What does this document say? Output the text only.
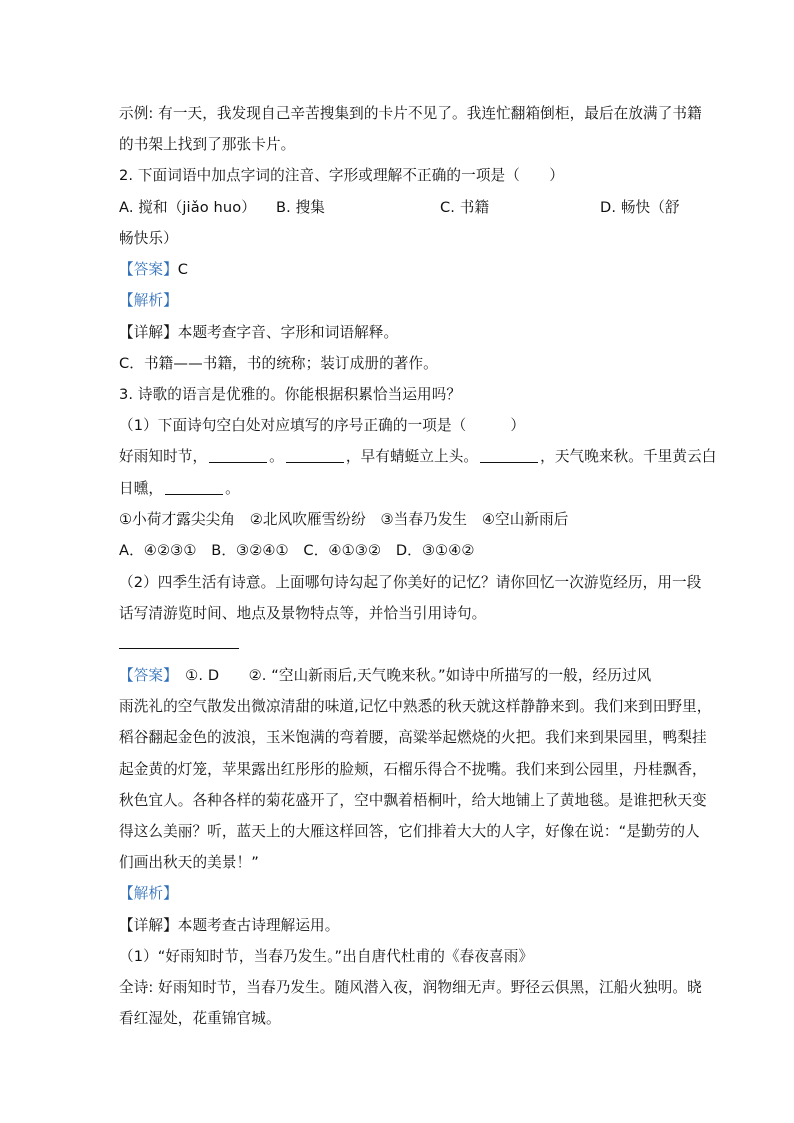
示例: 有一天，我发现自己辛苦搜集到的卡片不见了。我连忙翻箱倒柜，最后在放满了书籍
的书架上找到了那张卡片。
2. 下面词语中加点字词的注音、字形或理解不正确的一项是（　　）
A. 搅和（jiǎo huo） B. 搜集	C. 书籍	D. 畅快（舒
畅快乐）
【答案】C
【解析】
【详解】本题考查字音、字形和词语解释。
C．书籍——书籍，书的统称；装订成册的著作。
3. 诗歌的语言是优雅的。你能根据积累恰当运用吗？
（1）下面诗句空白处对应填写的序号正确的一项是（　　　）
好雨知时节，	。	，早有蜻蜓立上头。	，天气晚来秋。千里黄云白
日曛，	。
①小荷才露尖尖角　②北风吹雁雪纷纷　③当春乃发生　④空山新雨后
A．④②③①　B．③②④①　C．④①③②　D．③①④②
（2）四季生活有诗意。上面哪句诗勾起了你美好的记忆？请你回忆一次游览经历，用一段
话写清游览时间、地点及景物特点等，并恰当引用诗句。
【答案】　①. D　　②. “空山新雨后,天气晚来秋。”如诗中所描写的一般，经历过风
雨洗礼的空气散发出微凉清甜的味道,记忆中熟悉的秋天就这样静静来到。我们来到田野里，
稻谷翻起金色的波浪，玉米饱满的弯着腰，高粱举起燃烧的火把。我们来到果园里，鸭梨挂
起金黄的灯笼，苹果露出红彤彤的脸颊，石榴乐得合不拢嘴。我们来到公园里，丹桂飘香，
秋色宜人。各种各样的菊花盛开了，空中飘着梧桐叶，给大地铺上了黄地毯。是谁把秋天变
得这么美丽？听，蓝天上的大雁这样回答，它们排着大大的人字，好像在说：“是勤劳的人
们画出秋天的美景！”
【解析】
【详解】本题考查古诗理解运用。
（1）“好雨知时节，当春乃发生。”出自唐代杜甫的《春夜喜雨》
全诗: 好雨知时节，当春乃发生。随风潜入夜，润物细无声。野径云俱黑，江船火独明。晓
看红湿处，花重锦官城。
